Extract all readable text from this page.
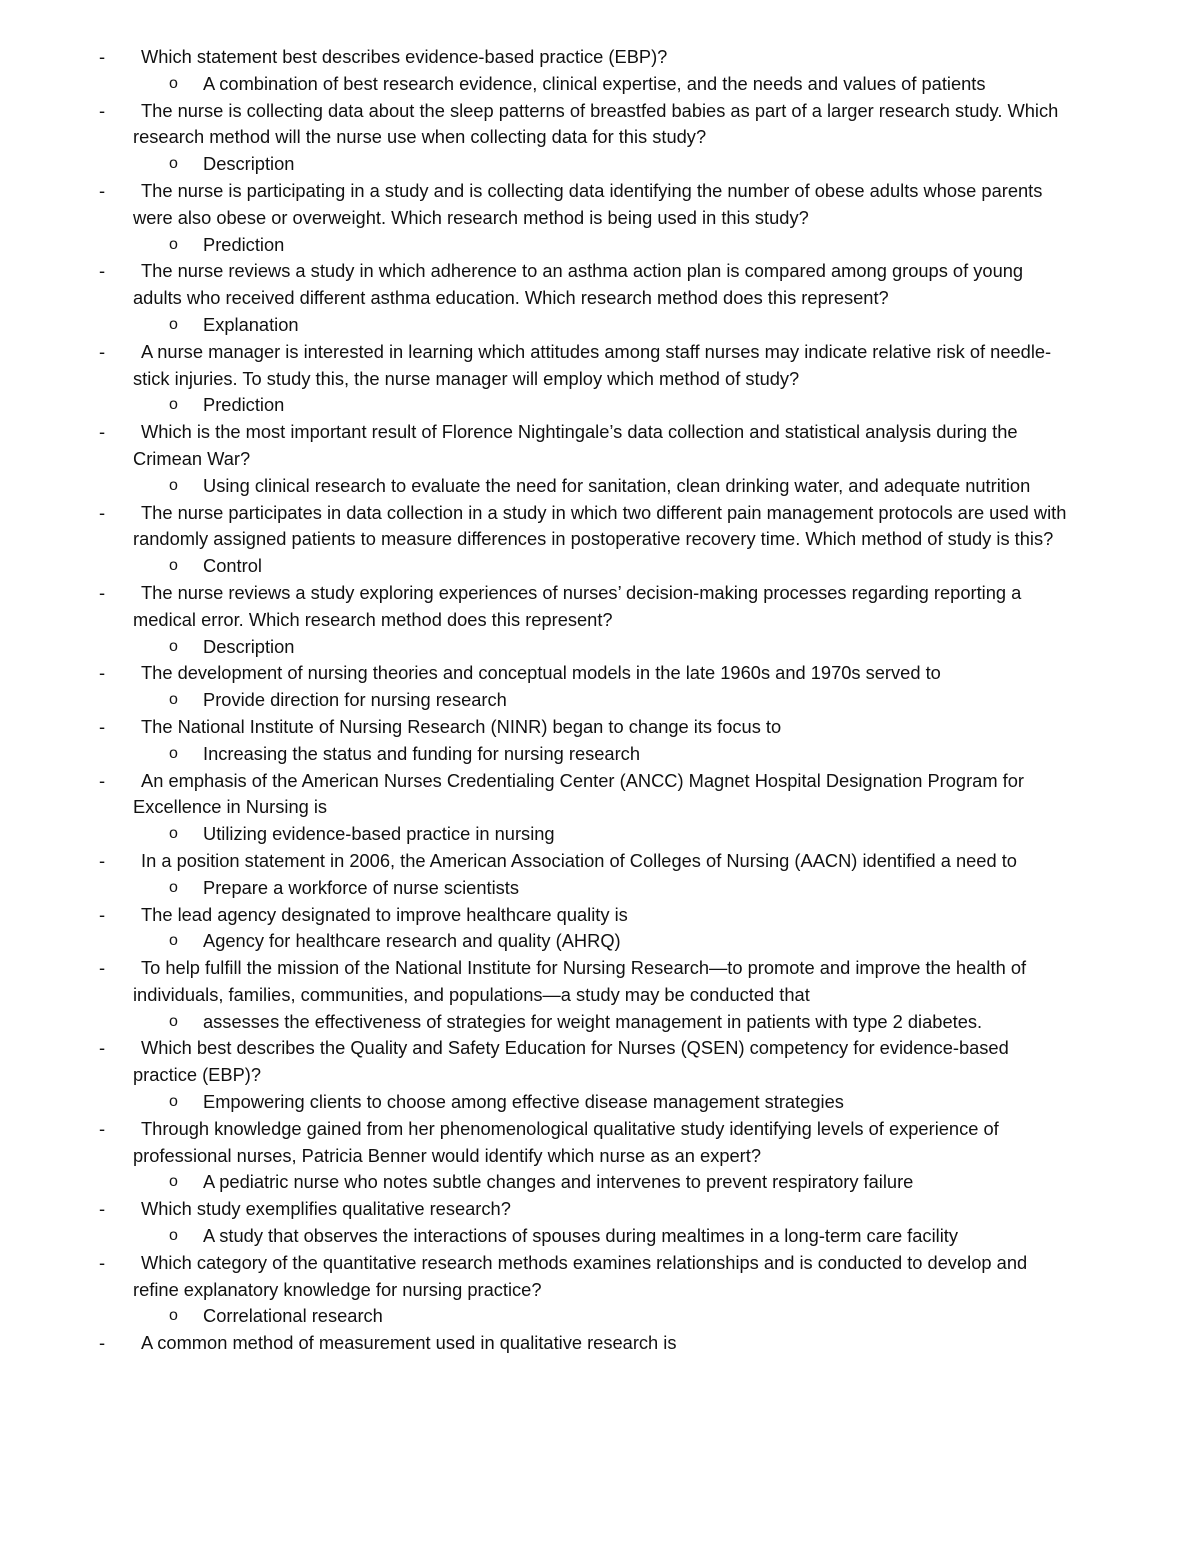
- Which statement best describes evidence-based practice (EBP)?
o A combination of best research evidence, clinical expertise, and the needs and values of patients
- The nurse is collecting data about the sleep patterns of breastfed babies as part of a larger research study. Which research method will the nurse use when collecting data for this study?
o Description
- The nurse is participating in a study and is collecting data identifying the number of obese adults whose parents were also obese or overweight. Which research method is being used in this study?
o Prediction
- The nurse reviews a study in which adherence to an asthma action plan is compared among groups of young adults who received different asthma education. Which research method does this represent?
o Explanation
- A nurse manager is interested in learning which attitudes among staff nurses may indicate relative risk of needle-stick injuries. To study this, the nurse manager will employ which method of study?
o Prediction
- Which is the most important result of Florence Nightingale’s data collection and statistical analysis during the Crimean War?
o Using clinical research to evaluate the need for sanitation, clean drinking water, and adequate nutrition
- The nurse participates in data collection in a study in which two different pain management protocols are used with randomly assigned patients to measure differences in postoperative recovery time. Which method of study is this?
o Control
- The nurse reviews a study exploring experiences of nurses’ decision-making processes regarding reporting a medical error. Which research method does this represent?
o Description
- The development of nursing theories and conceptual models in the late 1960s and 1970s served to
o Provide direction for nursing research
- The National Institute of Nursing Research (NINR) began to change its focus to
o Increasing the status and funding for nursing research
- An emphasis of the American Nurses Credentialing Center (ANCC) Magnet Hospital Designation Program for Excellence in Nursing is
o Utilizing evidence-based practice in nursing
- In a position statement in 2006, the American Association of Colleges of Nursing (AACN) identified a need to
o Prepare a workforce of nurse scientists
- The lead agency designated to improve healthcare quality is
o Agency for healthcare research and quality (AHRQ)
- To help fulfill the mission of the National Institute for Nursing Research—to promote and improve the health of individuals, families, communities, and populations—a study may be conducted that
o assesses the effectiveness of strategies for weight management in patients with type 2 diabetes.
- Which best describes the Quality and Safety Education for Nurses (QSEN) competency for evidence-based practice (EBP)?
o Empowering clients to choose among effective disease management strategies
- Through knowledge gained from her phenomenological qualitative study identifying levels of experience of professional nurses, Patricia Benner would identify which nurse as an expert?
o A pediatric nurse who notes subtle changes and intervenes to prevent respiratory failure
- Which study exemplifies qualitative research?
o A study that observes the interactions of spouses during mealtimes in a long-term care facility
- Which category of the quantitative research methods examines relationships and is conducted to develop and refine explanatory knowledge for nursing practice?
o Correlational research
- A common method of measurement used in qualitative research is
